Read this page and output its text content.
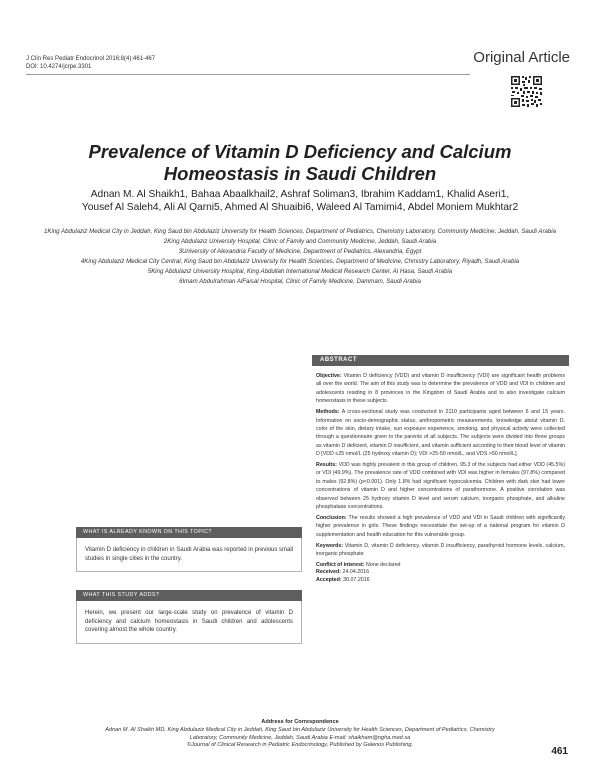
J Clin Res Pediatr Endocrinol 2016;8(4):461-467
DOI: 10.4274/jcrpe.3301
Original Article
Prevalence of Vitamin D Deficiency and Calcium Homeostasis in Saudi Children
Adnan M. Al Shaikh1, Bahaa Abaalkhail2, Ashraf Soliman3, Ibrahim Kaddam1, Khalid Aseri1,
Yousef Al Saleh4, Ali Al Qarni5, Ahmed Al Shuaibi6, Waleed Al Tamimi4, Abdel Moniem Mukhtar2

1King Abdulaziz Medical City in Jeddah, King Saud bin Abdulaziz University for Health Sciences, Department of Pediatrics, Chemistry Laboratory, Community Medicine, Jeddah, Saudi Arabia

2King Abdulaziz University Hospital, Clinic of Family and Community Medicine, Jeddah, Saudi Arabia

3University of Alexandria Faculty of Medicine, Department of Pediatrics, Alexandria, Egypt

4King Abdulaziz Medical City Central, King Saud bin Abdulaziz University for Health Sciences, Department of Medicine, Chmistry Laboratory, Riyadh, Saudi Arabia

5King Abdulaziz University Hospital, King Abdullah International Medical Research Center, Al Hasa, Saudi Arabia

6Imam Abdulrahman AlFaisal Hospital, Clinic of Family Medicine, Dammam, Saudi Arabia

ABSTRACT

Objective: Vitamin D deficiency (VDD) and vitamin D insufficiency (VDI) are significant health problems all over the world. The aim of this study was to determine the prevalence of VDD and VDI in children and adolescents residing in 8 provinces in the Kingdom of Saudi Arabia and to also investigate calcium homeostasis in these subjects.

Methods: A cross-sectional study was conducted in 2110 participants aged between 6 and 15 years. Information on socio-demographic status, anthropometric measurements, knowledge about vitamin D, color of the skin, dietary intake, sun exposure experience, smoking, and physical activity were collected through a questionnaire given to the parents of all subjects. The subjects were divided into three groups as vitamin D deficient, vitamin D insufficient, and vitamin sufficient according to their blood level of vitamin D [VDD ≤25 nmol/L (25 hydroxy vitamin D); VDI >25-50 nmol/L, and VDS >50 nmol/L].

Results: VDD was highly prevalent in this group of children. 95.3 of the subjects had either VDD (45.5%) or VDI (49.9%). The prevalence rate of VDD combined with VDI was higher in females (97.8%) compared to males (92.8%) (p<0.001). Only 1.8% had significant hypocalcemia. Children with dark skin had lower concentrations of vitamin D and higher concentrations of parathormone. A positive correlation was observed between 25 hydroxy vitamin D level and serum calcium, inorganic phosphate, and alkaline phosphatase concentrations.

Conclusion: The results showed a high prevalence of VDD and VDI in Saudi children with significantly higher prevalence in girls. These findings necessitate the set-up of a national program for vitamin D supplementation and health education for this vulnerable group.

Keywords: Vitamin D, vitamin D deficiency, vitamin D insufficiency, parathyroid hormone levels, calcium, inorganic phosphate

Conflict of interest: None declared
Received: 24.04.2016
Accepted: 30.07.2016
WHAT IS ALREADY KNOWN ON THIS TOPIC?
Vitamin D deficiency in children in Saudi Arabia was reported in previous small studies in single cities in the country.
WHAT THIS STUDY ADDS?
Herein, we present our large-scale study on prevalence of vitamin D deficiency and calcium homeostasis in Saudi children and adolescents covering almost the whole country.
Address for Correspondence
Adnan M. Al Shaikh MD, King Abdulaziz Medical City in Jeddah, King Saud bin Abdulaziz University for Health Sciences, Department of Pediatrics, Chemistry
Laboratory, Community Medicine, Jeddah, Saudi Arabia E-mail: shaikham@ngha.med.sa
©Journal of Clinical Research in Pediatric Endocrinology, Published by Galenos Publishing.
461
